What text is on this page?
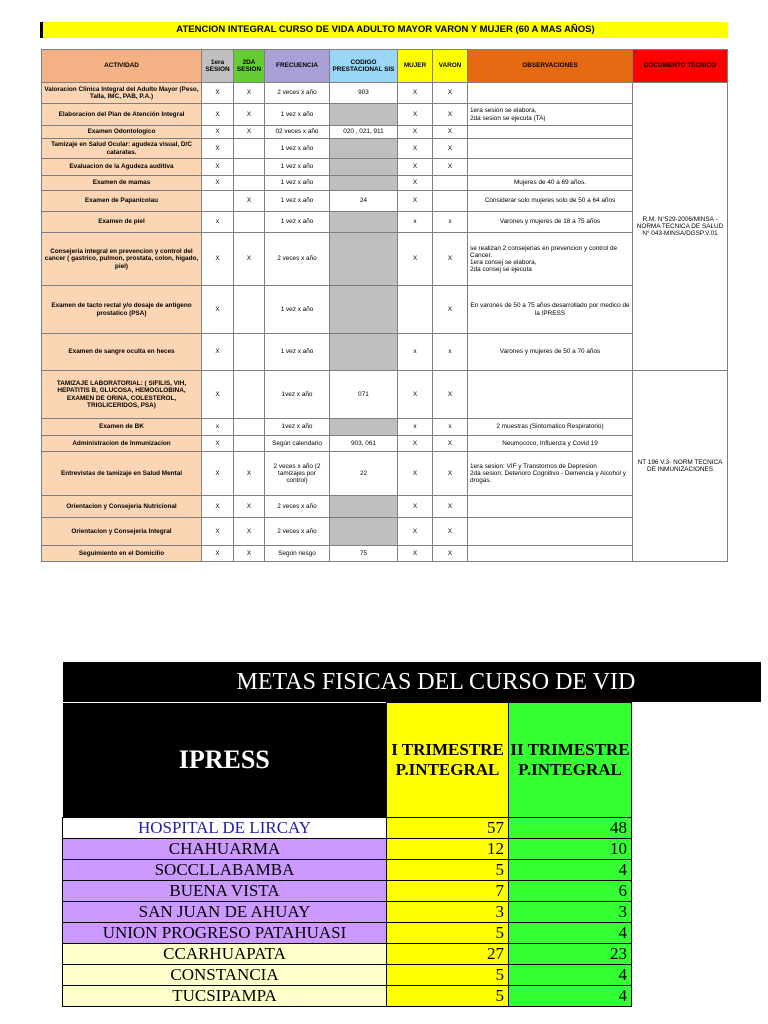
ATENCION INTEGRAL CURSO DE VIDA ADULTO MAYOR VARON Y MUJER (60 A MAS AÑOS)
ACTIVIDAD	1era SESION	2DA SESION	FRECUENCIA	CODIGO PRESTACIONAL SIS	MUJER	VARON	OBSERVACIONES	DOCUMENTO TECNICO
Valoracion Clinica Integral del Adulto Mayor (Peso, Talla, IMC, PAB, P.A.)	X	X	2 veces x año	903	X	X		R.M. N°529-2006/MINSA - NORMA TECNICA DE SALUD N° 043-MINSA/DGSP.V.01
Elaboracion del Plan de Atención Integral	X	X	1 vez x año		X	X	1era sesion se elabora,
2da sesion se ejecuta (TA)	
Examen Odontologico	X	X	02 veces x año	020 , 021, 911	X	X		
Tamizaje en Salud Ocular: agudeza visual, D/C cataratas.	X		1 vez x año		X	X		
Evaluacion de la Agudeza auditiva	X		1 vez x año		X	X		
Examen de mamas	X		1 vez x año		X		Mujeres de 40 a 69 años.	
Examen de Papanicolau		X	1 vez x año	24	X		Considerar solo mujeres solo de 50 a 64 años	
Examen de piel	x		1 vez x año		x	x	Varones y mujeres de 18 a 75 años	
Consejeria integral en prevencion y control del cancer ( gastrico, pulmon, prostata, colon, higado, piel)	X	X	2 veces x año		X	X	se realizan 2 consejerias en prevencion y control de Cancer.
1era consej se elabora,
2da consej se ejecuta	
Examen de tacto rectal y/o dosaje de antigeno prostatico (PSA)	X		1 vez x año			X	En varones de 50 a 75 años desarrollado por medico de la IPRESS	
Examen de sangre oculta en heces	X		1 vez x año		x	x	Varones y mujeres de 50 a 70 años	
TAMIZAJE LABORATORIAL: ( SIFILIS, VIH, HEPATITIS B, GLUCOSA, HEMOGLOBINA, EXAMEN DE ORINA, COLESTEROL, TRIGLICERIDOS, PSA)	X		1vez x año	071	X	X		NT 196 V.3- NORM TECNICA DE INMUNIZACIONES
Examen de BK	x		1vez x año		x	x	2 muestras (Sintomatico Respiratorio)	
Administracion de Inmunizacion	X		Según calendario	903, 061	X	X	Neumococo, Influenza y Covid 19	
Entrevistas de tamizaje en Salud Mental	X	X	2 veces x año (2 tamizajes por control)	22	X	X	1era sesion: VIF y Transtornos de Depresion
2da sesion: Deterioro Cognitivo - Demencia y Alcohol y drogas.	
Orientacion y Consejeria Nutricional	X	X	2 veces x año		X	X		
Orientacion y Consejeria Integral	X	X	2 veces x año		X	X		
Seguimiento en el Domicilio	X	X	Según riesgo	75	X	X		
METAS FISICAS DEL CURSO DE VID			
IPRESS	I TRIMESTRE P.INTEGRAL	II TRIMESTRE P.INTEGRAL	
HOSPITAL DE LIRCAY	57	48	
CHAHUARMA	12	10	
SOCCLLABAMBA	5	4	
BUENA VISTA	7	6	
SAN JUAN DE AHUAY	3	3	
UNION PROGRESO PATAHUASI	5	4	
CCARHUAPATA	27	23	
CONSTANCIA	5	4	
TUCSIPAMPA	5	4	
